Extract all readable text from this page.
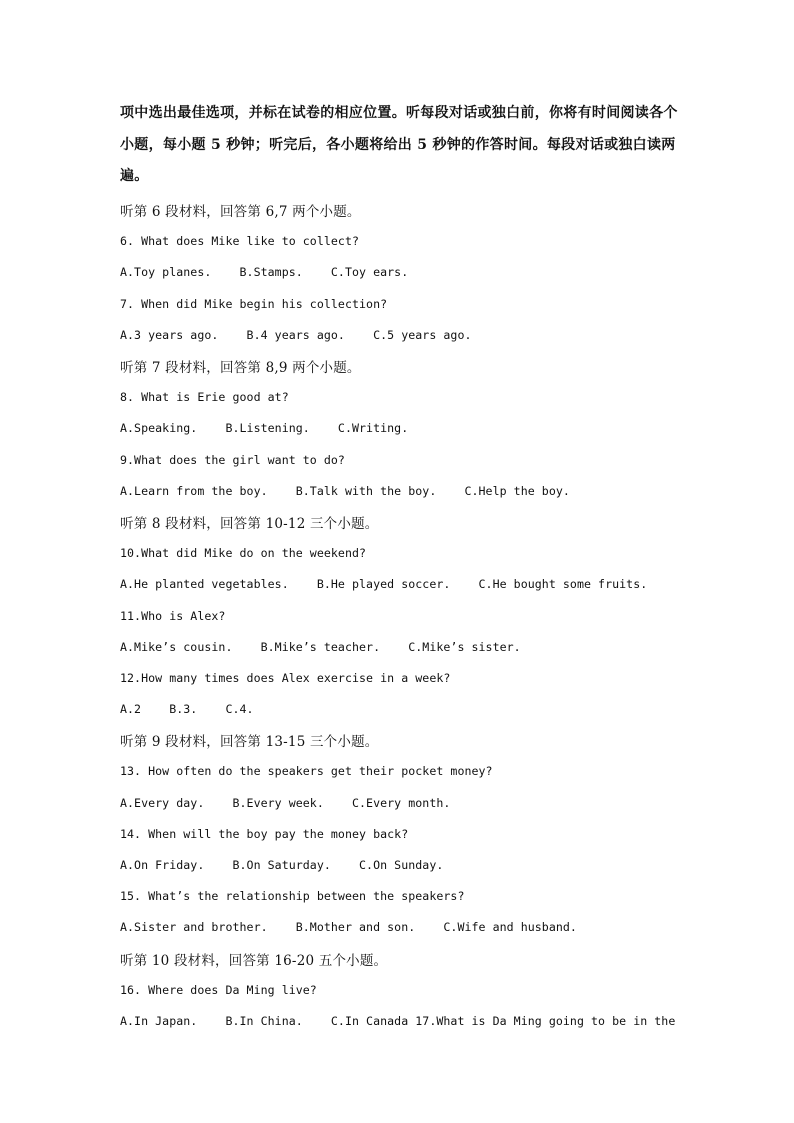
项中选出最佳选项，并标在试卷的相应位置。听每段对话或独白前，你将有时间阅读各个小题，每小题 5 秒钟；听完后，各小题将给出 5 秒钟的作答时间。每段对话或独白读两遍。

听第 6 段材料，回答第 6,7 两个小题。
6. What does Mike like to collect?
A.Toy planes.    B.Stamps.    C.Toy ears.
7. When did Mike begin his collection?
A.3 years ago.    B.4 years ago.    C.5 years ago.
听第 7 段材料，回答第 8,9 两个小题。
8. What is Erie good at?
A.Speaking.    B.Listening.    C.Writing.
9.What does the girl want to do?
A.Learn from the boy.    B.Talk with the boy.    C.Help the boy.
听第 8 段材料，回答第 10-12 三个小题。
10.What did Mike do on the weekend?
A.He planted vegetables.    B.He played soccer.    C.He bought some fruits.
11.Who is Alex?
A.Mike’s cousin.    B.Mike’s teacher.    C.Mike’s sister.
12.How many times does Alex exercise in a week?
A.2    B.3.    C.4.
听第 9 段材料，回答第 13-15 三个小题。
13. How often do the speakers get their pocket money?
A.Every day.    B.Every week.    C.Every month.
14. When will the boy pay the money back?
A.On Friday.    B.On Saturday.    C.On Sunday.
15. What’s the relationship between the speakers?
A.Sister and brother.    B.Mother and son.    C.Wife and husband.
听第 10 段材料，回答第 16-20 五个小题。
16. Where does Da Ming live?
A.In Japan.    B.In China.    C.In Canada 17.What is Da Ming going to be in the
